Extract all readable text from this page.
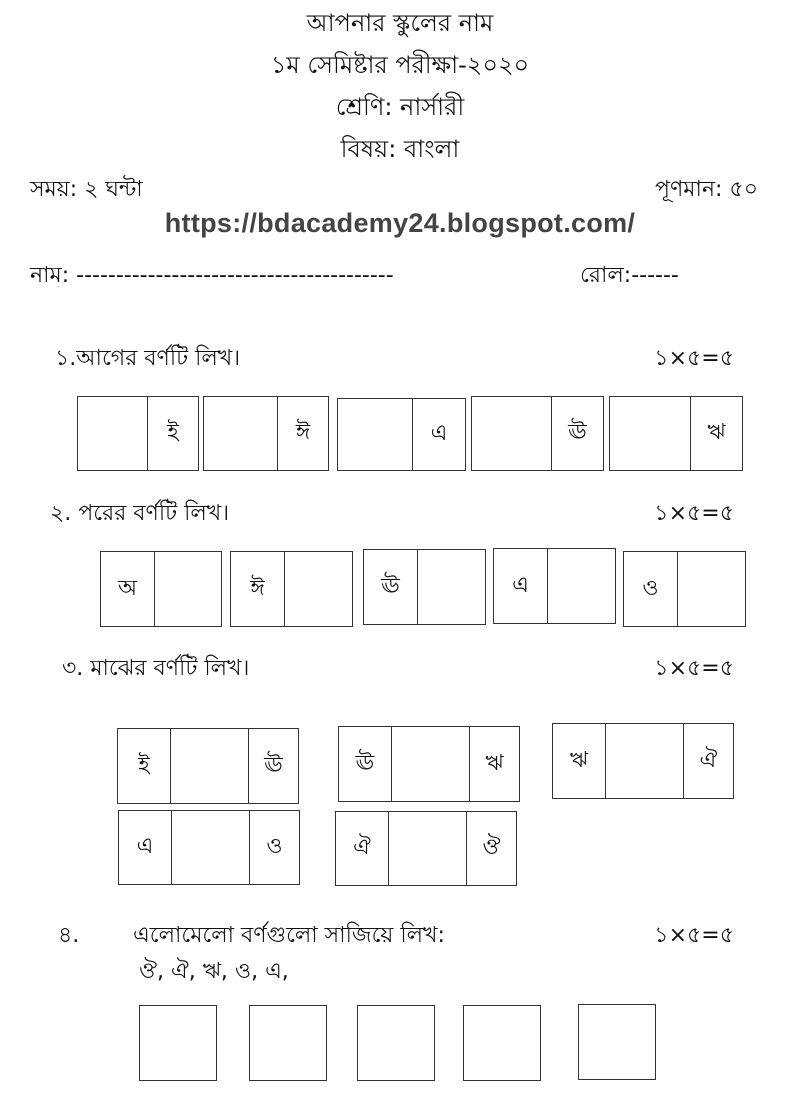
আপনার স্কুলের নাম
১ম সেমিষ্টার পরীক্ষা-২০২০
শ্রেণি: নার্সারী
বিষয়: বাংলা
সময়: ২ ঘন্টা	পূণমান: ৫০
https://bdacademy24.blogspot.com/
নাম: ----------------------------------------	রোল:------
১.আগের বর্ণটি লিখ।	১×৫=৫
ই	ঈ	এ	ঊ	ঋ
২. পরের বর্ণটি লিখ।	১×৫=৫
অ	ঈ	ঊ	এ	ও
৩. মাঝের বর্ণটি লিখ।	১×৫=৫
ই	ঊ	ঊ	ঋ	ঋ	ঐ
এ	ও	ঐ	ঔ
৪. এলোমেলো বর্ণগুলো সাজিয়ে লিখ:	১×৫=৫
ঔ, ঐ, ঋ, ও, এ,
